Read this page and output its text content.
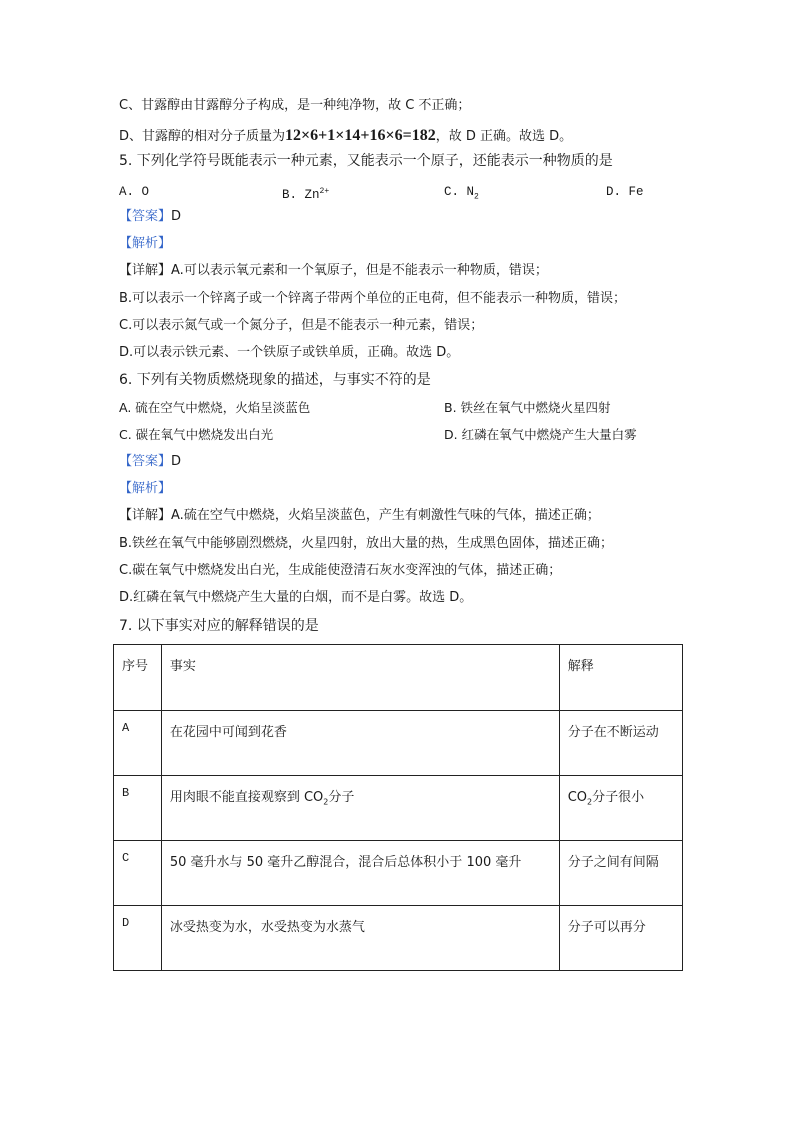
C、甘露醇由甘露醇分子构成，是一种纯净物，故 C 不正确；
D、甘露醇的相对分子质量为12×6+1×14+16×6=182，故 D 正确。故选 D。
5. 下列化学符号既能表示一种元素，又能表示一个原子，还能表示一种物质的是
A. O	B. $Zn^{2+}$	C. $N_2$	D. Fe
【答案】D
【解析】
【详解】A.可以表示氧元素和一个氧原子，但是不能表示一种物质，错误；
B.可以表示一个锌离子或一个锌离子带两个单位的正电荷，但不能表示一种物质，错误；
C.可以表示氮气或一个氮分子，但是不能表示一种元素，错误；
D.可以表示铁元素、一个铁原子或铁单质，正确。故选 D。
6. 下列有关物质燃烧现象的描述，与事实不符的是
A. 硫在空气中燃烧，火焰呈淡蓝色	B. 铁丝在氧气中燃烧火星四射
C. 碳在氧气中燃烧发出白光	D. 红磷在氧气中燃烧产生大量白雾
【答案】D
【解析】
【详解】A.硫在空气中燃烧，火焰呈淡蓝色，产生有刺激性气味的气体，描述正确；
B.铁丝在氧气中能够剧烈燃烧，火星四射，放出大量的热，生成黑色固体，描述正确；
C.碳在氧气中燃烧发出白光，生成能使澄清石灰水变浑浊的气体，描述正确；
D.红磷在氧气中燃烧产生大量的白烟，而不是白雾。故选 D。
7. 以下事实对应的解释错误的是
序号	事实	解释

A	在花园中可闻到花香	分子在不断运动

B	用肉眼不能直接观察到 $CO_2$分子	$CO_2$分子很小

C	50 毫升水与 50 毫升乙醇混合，混合后总体积小于 100 毫升	分子之间有间隔

D	冰受热变为水，水受热变为水蒸气	分子可以再分
